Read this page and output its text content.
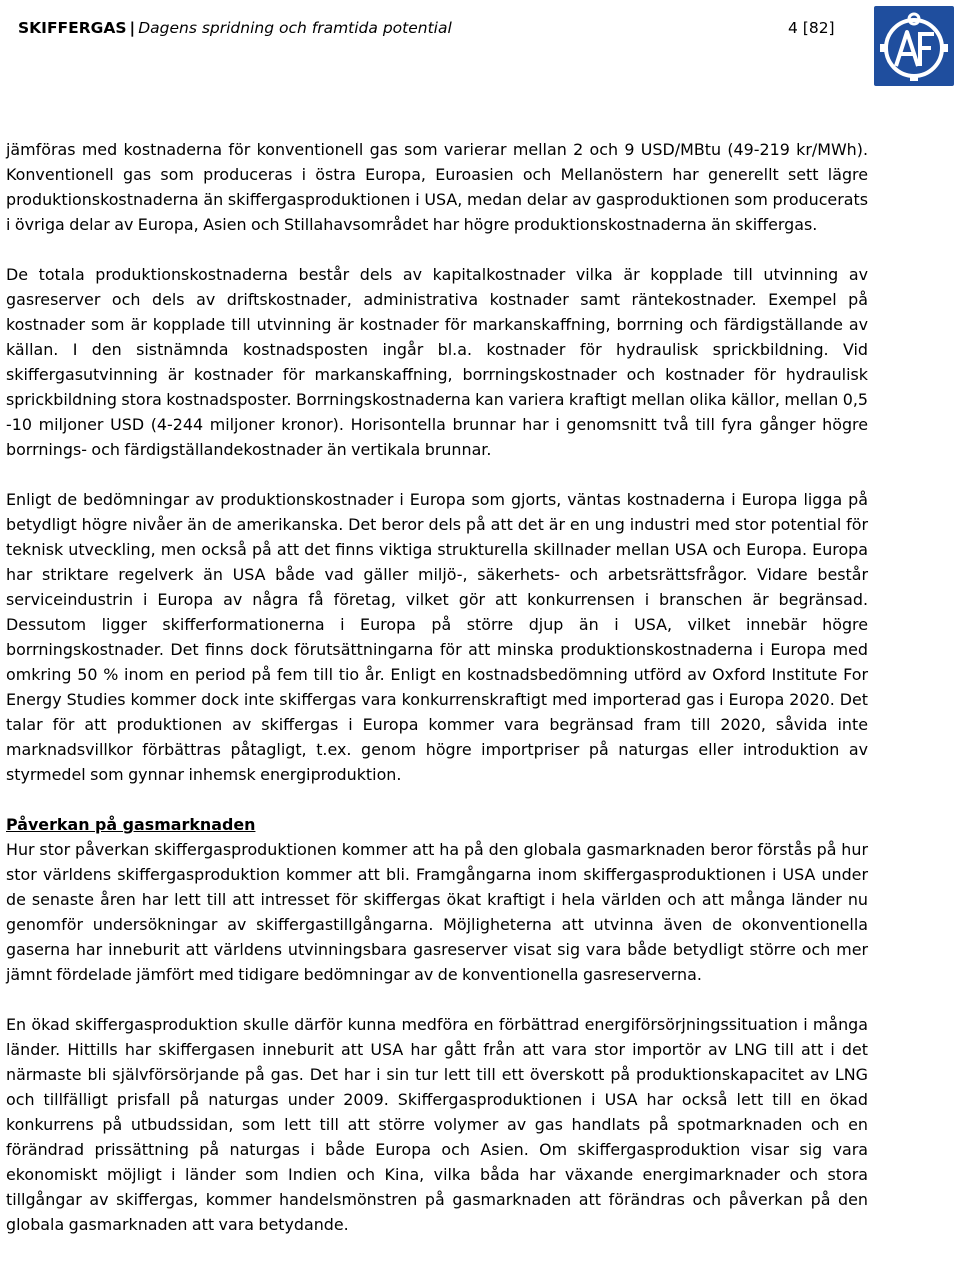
SKIFFERGAS | Dagens spridning och framtida potential	4 [82]

jämföras med kostnaderna för konventionell gas som varierar mellan 2 och 9 USD/MBtu (49-219 kr/MWh). Konventionell gas som produceras i östra Europa, Euroasien och Mellanöstern har generellt sett lägre produktionskostnaderna än skiffergasproduktionen i USA, medan delar av gasproduktionen som producerats i övriga delar av Europa, Asien och Stillahavsområdet har högre produktionskostnaderna än skiffergas.

De totala produktionskostnaderna består dels av kapitalkostnader vilka är kopplade till utvinning av gasreserver och dels av driftskostnader, administrativa kostnader samt räntekostnader. Exempel på kostnader som är kopplade till utvinning är kostnader för markanskaffning, borrning och färdigställande av källan. I den sistnämnda kostnadsposten ingår bl.a. kostnader för hydraulisk sprickbildning. Vid skiffergasutvinning är kostnader för markanskaffning, borrningskostnader och kostnader för hydraulisk sprickbildning stora kostnadsposter. Borrningskostnaderna kan variera kraftigt mellan olika källor, mellan 0,5 -10 miljoner USD (4-244 miljoner kronor). Horisontella brunnar har i genomsnitt två till fyra gånger högre borrnings- och färdigställandekostnader än vertikala brunnar.

Enligt de bedömningar av produktionskostnader i Europa som gjorts, väntas kostnaderna i Europa ligga på betydligt högre nivåer än de amerikanska. Det beror dels på att det är en ung industri med stor potential för teknisk utveckling, men också på att det finns viktiga strukturella skillnader mellan USA och Europa. Europa har striktare regelverk än USA både vad gäller miljö-, säkerhets- och arbetsrättsfrågor. Vidare består serviceindustrin i Europa av några få företag, vilket gör att konkurrensen i branschen är begränsad. Dessutom ligger skifferformationerna i Europa på större djup än i USA, vilket innebär högre borrningskostnader. Det finns dock förutsättningarna för att minska produktionskostnaderna i Europa med omkring 50 % inom en period på fem till tio år. Enligt en kostnadsbedömning utförd av Oxford Institute For Energy Studies kommer dock inte skiffergas vara konkurrenskraftigt med importerad gas i Europa 2020. Det talar för att produktionen av skiffergas i Europa kommer vara begränsad fram till 2020, såvida inte marknadsvillkor förbättras påtagligt, t.ex. genom högre importpriser på naturgas eller introduktion av styrmedel som gynnar inhemsk energiproduktion.

Påverkan på gasmarknaden

Hur stor påverkan skiffergasproduktionen kommer att ha på den globala gasmarknaden beror förstås på hur stor världens skiffergasproduktion kommer att bli. Framgångarna inom skiffergasproduktionen i USA under de senaste åren har lett till att intresset för skiffergas ökat kraftigt i hela världen och att många länder nu genomför undersökningar av skiffergastillgångarna. Möjligheterna att utvinna även de okonventionella gaserna har inneburit att världens utvinningsbara gasreserver visat sig vara både betydligt större och mer jämnt fördelade jämfört med tidigare bedömningar av de konventionella gasreserverna.

En ökad skiffergasproduktion skulle därför kunna medföra en förbättrad energiförsörjningssituation i många länder. Hittills har skiffergasen inneburit att USA har gått från att vara stor importör av LNG till att i det närmaste bli självförsörjande på gas. Det har i sin tur lett till ett överskott på produktionskapacitet av LNG och tillfälligt prisfall på naturgas under 2009. Skiffergasproduktionen i USA har också lett till en ökad konkurrens på utbudssidan, som lett till att större volymer av gas handlats på spotmarknaden och en förändrad prissättning på naturgas i både Europa och Asien. Om skiffergasproduktion visar sig vara ekonomiskt möjligt i länder som Indien och Kina, vilka båda har växande energimarknader och stora tillgångar av skiffergas, kommer handelsmönstren på gasmarknaden att förändras och påverkan på den globala gasmarknaden att vara betydande.
